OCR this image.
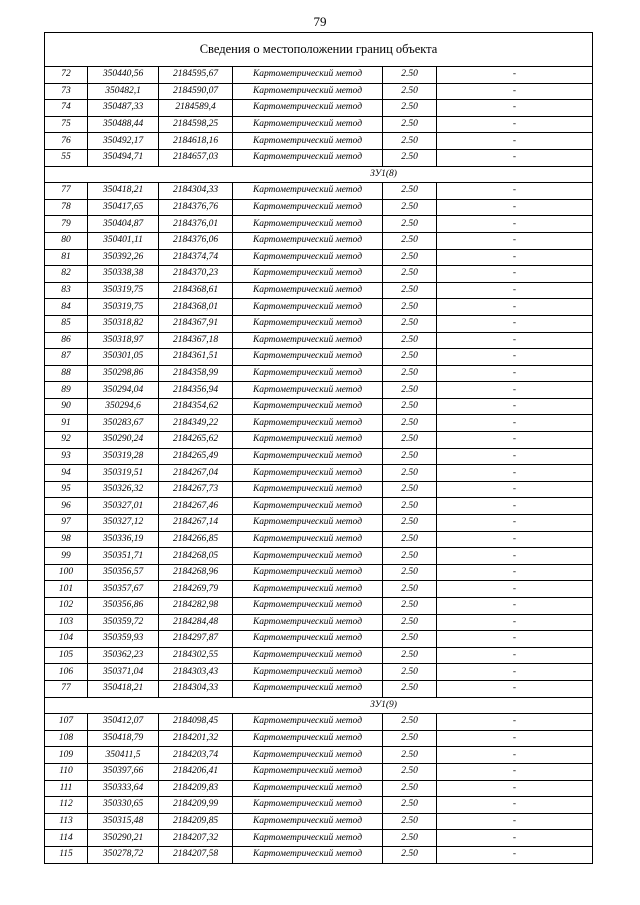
79
Сведения о местоположении границ объекта					
72	350440,56	2184595,67	Картометрический метод	2.50	-
73	350482,1	2184590,07	Картометрический метод	2.50	-
74	350487,33	2184589,4	Картометрический метод	2.50	-
75	350488,44	2184598,25	Картометрический метод	2.50	-
76	350492,17	2184618,16	Картометрический метод	2.50	-
55	350494,71	2184657,03	Картометрический метод	2.50	-
ЗУ1(8)					
77	350418,21	2184304,33	Картометрический метод	2.50	-
78	350417,65	2184376,76	Картометрический метод	2.50	-
79	350404,87	2184376,01	Картометрический метод	2.50	-
80	350401,11	2184376,06	Картометрический метод	2.50	-
81	350392,26	2184374,74	Картометрический метод	2.50	-
82	350338,38	2184370,23	Картометрический метод	2.50	-
83	350319,75	2184368,61	Картометрический метод	2.50	-
84	350319,75	2184368,01	Картометрический метод	2.50	-
85	350318,82	2184367,91	Картометрический метод	2.50	-
86	350318,97	2184367,18	Картометрический метод	2.50	-
87	350301,05	2184361,51	Картометрический метод	2.50	-
88	350298,86	2184358,99	Картометрический метод	2.50	-
89	350294,04	2184356,94	Картометрический метод	2.50	-
90	350294,6	2184354,62	Картометрический метод	2.50	-
91	350283,67	2184349,22	Картометрический метод	2.50	-
92	350290,24	2184265,62	Картометрический метод	2.50	-
93	350319,28	2184265,49	Картометрический метод	2.50	-
94	350319,51	2184267,04	Картометрический метод	2.50	-
95	350326,32	2184267,73	Картометрический метод	2.50	-
96	350327,01	2184267,46	Картометрический метод	2.50	-
97	350327,12	2184267,14	Картометрический метод	2.50	-
98	350336,19	2184266,85	Картометрический метод	2.50	-
99	350351,71	2184268,05	Картометрический метод	2.50	-
100	350356,57	2184268,96	Картометрический метод	2.50	-
101	350357,67	2184269,79	Картометрический метод	2.50	-
102	350356,86	2184282,98	Картометрический метод	2.50	-
103	350359,72	2184284,48	Картометрический метод	2.50	-
104	350359,93	2184297,87	Картометрический метод	2.50	-
105	350362,23	2184302,55	Картометрический метод	2.50	-
106	350371,04	2184303,43	Картометрический метод	2.50	-
77	350418,21	2184304,33	Картометрический метод	2.50	-
ЗУ1(9)					
107	350412,07	2184098,45	Картометрический метод	2.50	-
108	350418,79	2184201,32	Картометрический метод	2.50	-
109	350411,5	2184203,74	Картометрический метод	2.50	-
110	350397,66	2184206,41	Картометрический метод	2.50	-
111	350333,64	2184209,83	Картометрический метод	2.50	-
112	350330,65	2184209,99	Картометрический метод	2.50	-
113	350315,48	2184209,85	Картометрический метод	2.50	-
114	350290,21	2184207,32	Картометрический метод	2.50	-
115	350278,72	2184207,58	Картометрический метод	2.50	-
